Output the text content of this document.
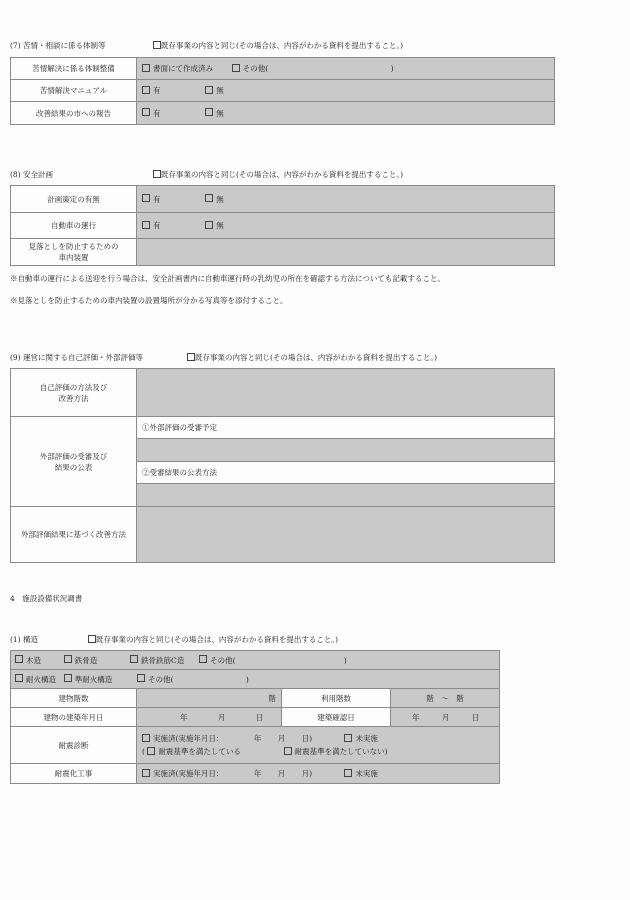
(7) 苦情・相談に係る体制等	既存事業の内容と同じ(その場合は、内容がわかる資料を提出すること。)
苦情解決に係る体制整備	書面にて作成済み その他( )
苦情解決マニュアル	有 無
改善結果の市への報告	有 無
(8) 安全計画	既存事業の内容と同じ(その場合は、内容がわかる資料を提出すること。)
計画策定の有無	有 無
自動車の運行	有 無

見落としを防止するための
車内装置	

※自動車の運行による送迎を行う場合は、安全計画書内に自動車運行時の乳幼児の所在を確認する方法についても記載すること。
※見落としを防止するための車内装置の設置場所が分かる写真等を添付すること。
(9) 運営に関する自己評価・外部評価等	既存事業の内容と同じ(その場合は、内容がわかる資料を提出すること。)
自己評価の方法及び
改善方法	

外部評価の受審及び
結果の公表	①外部評価の受審予定

	②受審結果の公表方法

外部評価結果に基づく改善方法	
4　施設設備状況調書
(1) 構造	既存事業の内容と同じ(その場合は、内容がわかる資料を提出すること。)
木造 鉄骨造 鉄骨鉄筋C造 その他( )			
耐火構造 準耐火構造 その他( )			
建物階数	階	利用階数	階　～　階
建物の建築年月日	年 月 日	建築確認日	年 月 日
耐震診断	実施済(実施年月日： 年 月 日) 未実施
( 耐震基準を満たしている 耐震基準を満たしていない)		

耐震化工事	実施済(実施年月日： 年 月 月) 未実施		
